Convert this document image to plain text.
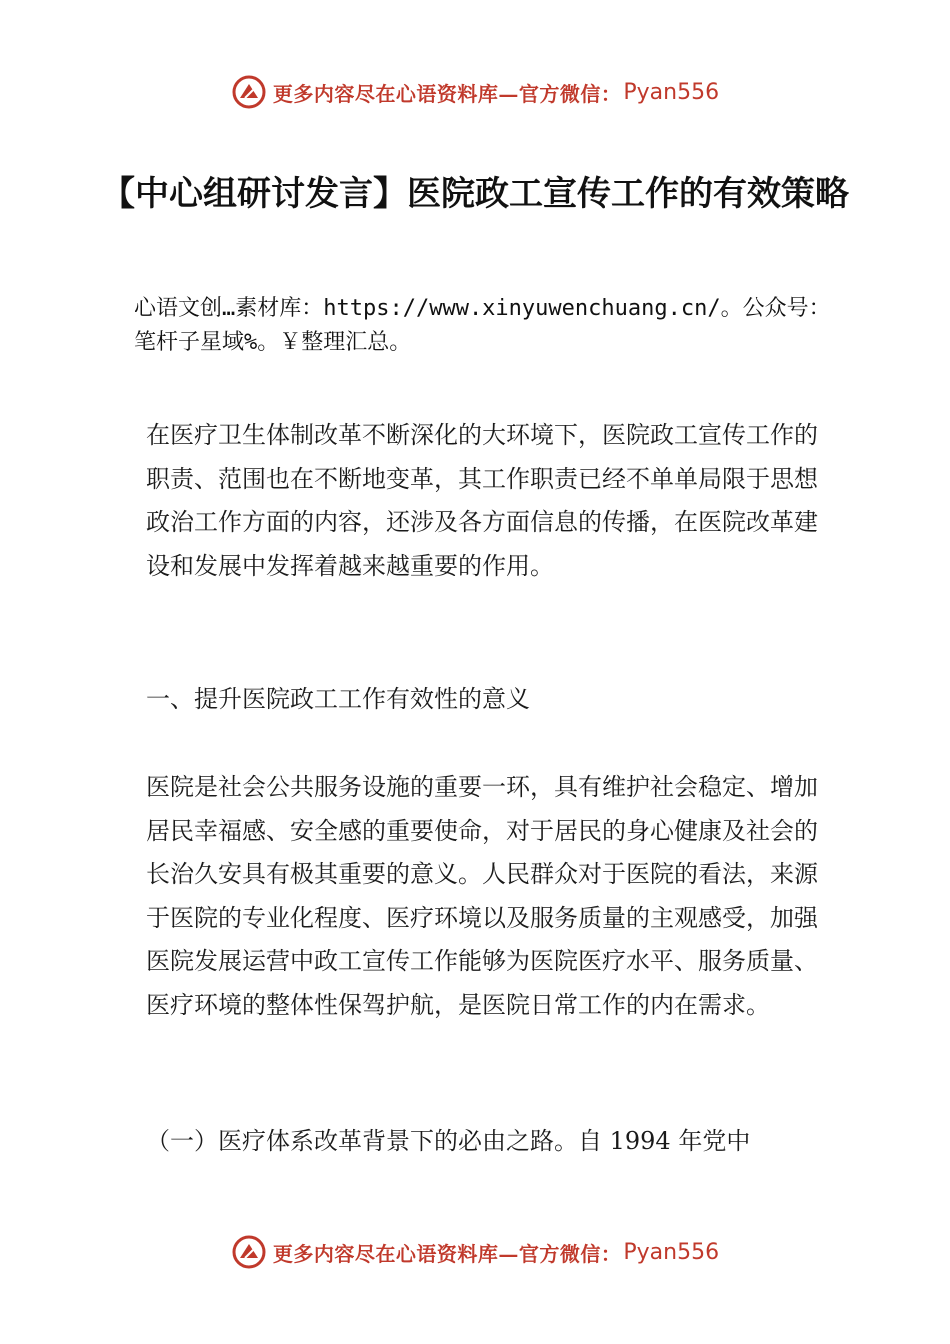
更多内容尽在心语资料库—官方微信： Pyan556
【中心组研讨发言】医院政工宣传工作的有效策略

心语文创…素材库：https://www.xinyuwenchuang.cn/。公众号：笔杆子星域%。￥整理汇总。

在医疗卫生体制改革不断深化的大环境下，医院政工宣传工作的职责、范围也在不断地变革，其工作职责已经不单单局限于思想政治工作方面的内容，还涉及各方面信息的传播，在医院改革建设和发展中发挥着越来越重要的作用。

一、提升医院政工工作有效性的意义

医院是社会公共服务设施的重要一环，具有维护社会稳定、增加居民幸福感、安全感的重要使命，对于居民的身心健康及社会的长治久安具有极其重要的意义。人民群众对于医院的看法，来源于医院的专业化程度、医疗环境以及服务质量的主观感受，加强医院发展运营中政工宣传工作能够为医院医疗水平、服务质量、医疗环境的整体性保驾护航，是医院日常工作的内在需求。

（一）医疗体系改革背景下的必由之路。自 1994 年党中

更多内容尽在心语资料库—官方微信： Pyan556
